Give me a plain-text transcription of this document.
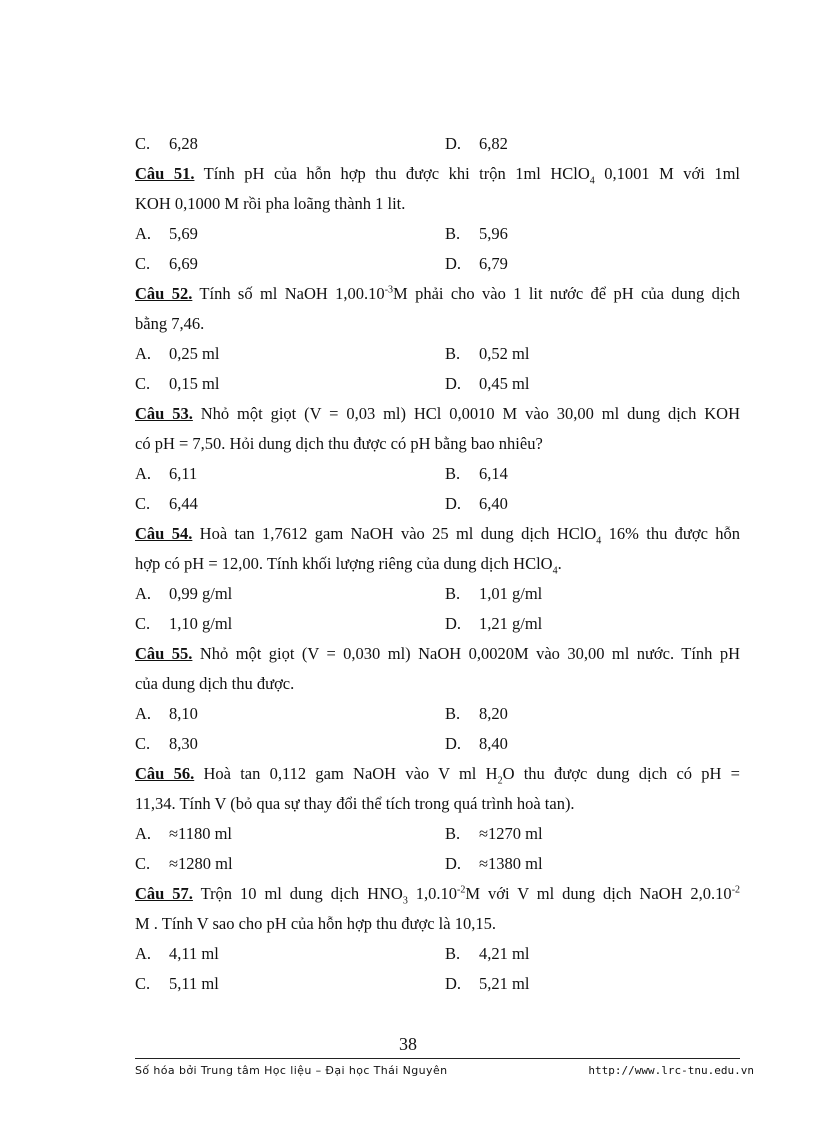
C.	6,28	D.	6,82
Câu 51. Tính pH của hỗn hợp thu được khi trộn 1ml HClO$_4$ 0,1001 M với 1ml
KOH 0,1000 M rồi pha loãng thành 1 lit.
A.	5,69	B.	5,96
C.	6,69	D.	6,79
Câu 52. Tính số ml NaOH $1,00.10^{-3}M$ phải cho vào 1 lit nước để pH của dung dịch
bằng 7,46.
A.	0,25 ml	B.	0,52 ml
C.	0,15 ml	D.	0,45 ml
Câu 53. Nhỏ một giọt (V = 0,03 ml) HCl 0,0010 M vào 30,00 ml dung dịch KOH
có pH = 7,50. Hỏi dung dịch thu được có pH bằng bao nhiêu?
A.	6,11	B.	6,14
C.	6,44	D.	6,40
Câu 54. Hoà tan 1,7612 gam NaOH vào 25 ml dung dịch HClO$_4$ 16% thu được hỗn
hợp có pH = 12,00. Tính khối lượng riêng của dung dịch HClO$_4$.
A.	0,99 g/ml	B.	1,01 g/ml
C.	1,10 g/ml	D.	1,21 g/ml
Câu 55. Nhỏ một giọt (V = 0,030 ml) NaOH 0,0020M vào 30,00 ml nước. Tính pH
của dung dịch thu được.
A.	8,10	B.	8,20
C.	8,30	D.	8,40
Câu 56. Hoà tan 0,112 gam NaOH vào V ml $H_2O$ thu được dung dịch có pH =
11,34. Tính V (bỏ qua sự thay đổi thể tích trong quá trình hoà tan).
A.	≈1180 ml	B.	≈1270 ml
C.	≈1280 ml	D.	≈1380 ml
Câu 57. Trộn 10 ml dung dịch $HNO_3$ $1,0.10^{-2}M$ với V ml dung dịch NaOH $2,0.10^{-2}$
M . Tính V sao cho pH của hỗn hợp thu được là 10,15.
A.	4,11 ml	B.	4,21 ml
C.	5,11 ml	D.	5,21 ml
38
Số hóa bởi Trung tâm Học liệu – Đại học Thái Nguyên	http://www.lrc-tnu.edu.vn
